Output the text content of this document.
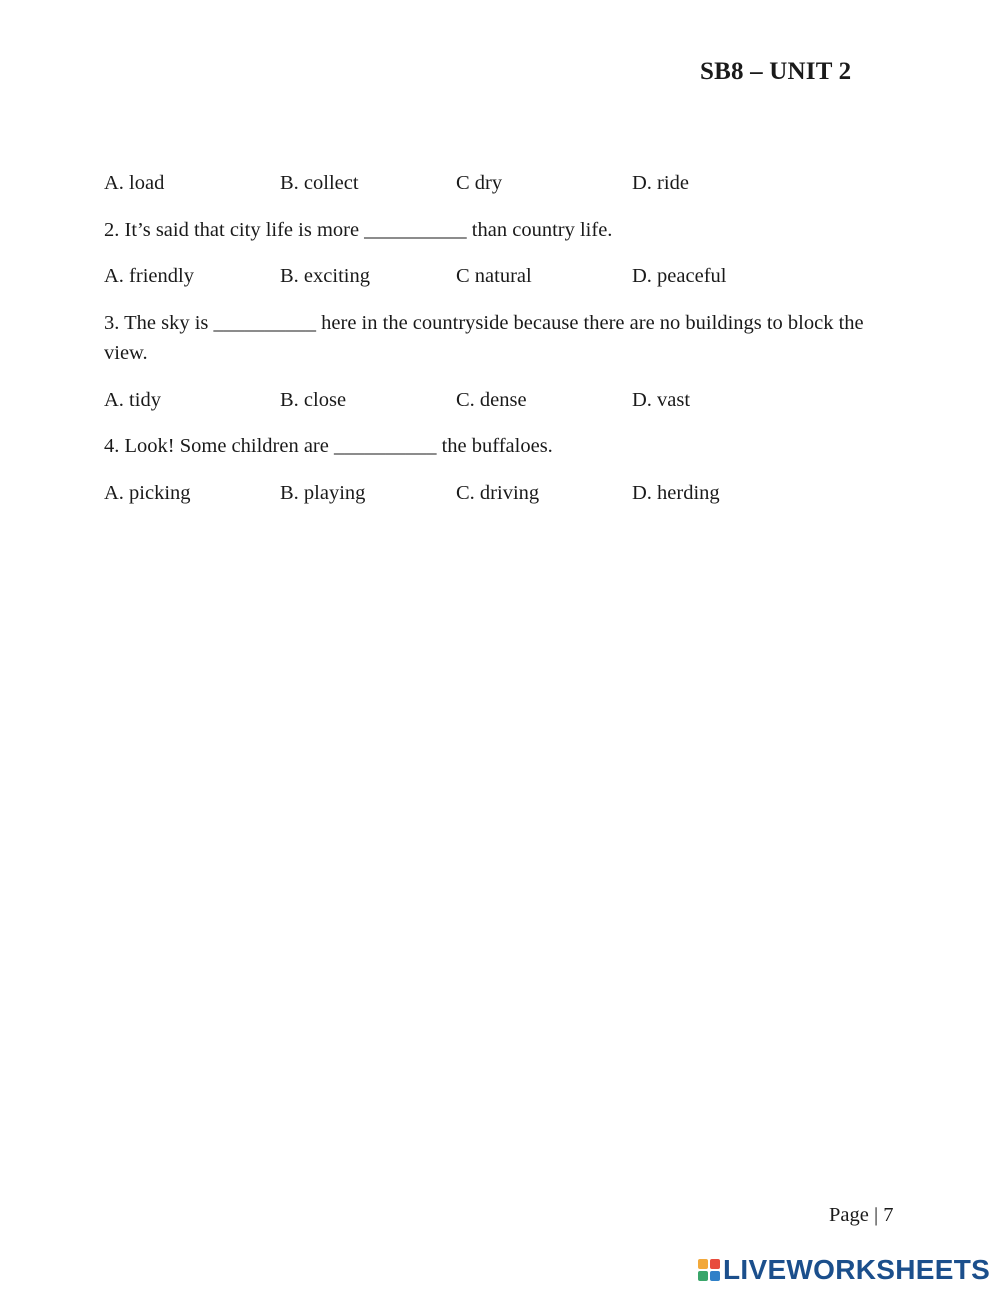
SB8 – UNIT 2
A. load	B. collect	C dry	D. ride
2. It’s said that city life is more __________ than country life.
A. friendly	B. exciting	C natural	D. peaceful
3. The sky is __________ here in the countryside because there are no buildings to block the view.
A. tidy	B. close	C. dense	D. vast
4. Look! Some children are __________ the buffaloes.
A. picking	B. playing	C. driving	D. herding
Page | 7
LIVEWORKSHEETS
